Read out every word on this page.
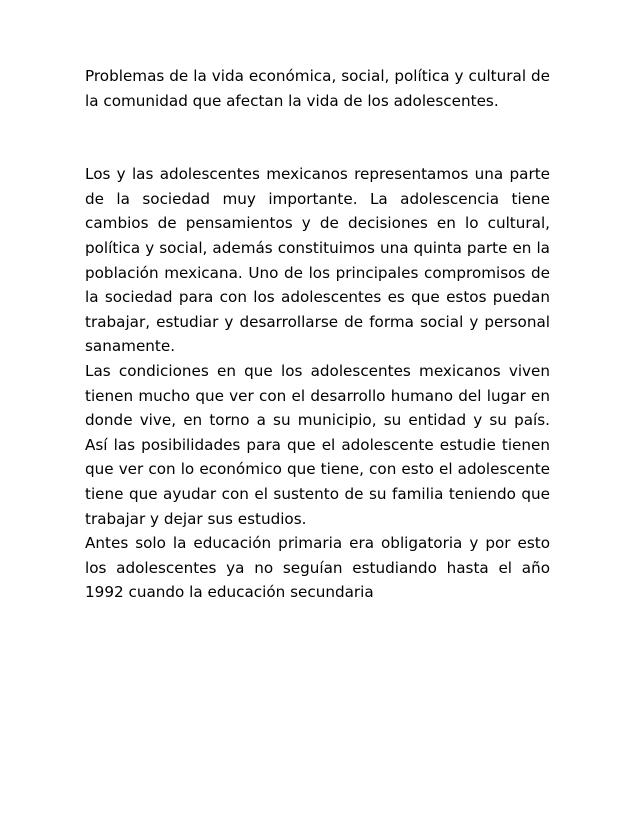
Problemas de la vida económica, social, política y cultural de la comunidad que afectan la vida de los adolescentes.

Los y las adolescentes mexicanos representamos una parte de la sociedad muy importante. La adolescencia tiene cambios de pensamientos y de decisiones en lo cultural, política y social, además constituimos una quinta parte en la población mexicana. Uno de los principales compromisos de la sociedad para con los adolescentes es que estos puedan trabajar, estudiar y desarrollarse de forma social y personal sanamente.

Las condiciones en que los adolescentes mexicanos viven tienen mucho que ver con el desarrollo humano del lugar en donde vive, en torno a su municipio, su entidad y su país. Así las posibilidades para que el adolescente estudie tienen que ver con lo económico que tiene, con esto el adolescente tiene que ayudar con el sustento de su familia teniendo que trabajar y dejar sus estudios.

Antes solo la educación primaria era obligatoria y por esto los adolescentes ya no seguían estudiando hasta el año 1992 cuando la educación secundaria
